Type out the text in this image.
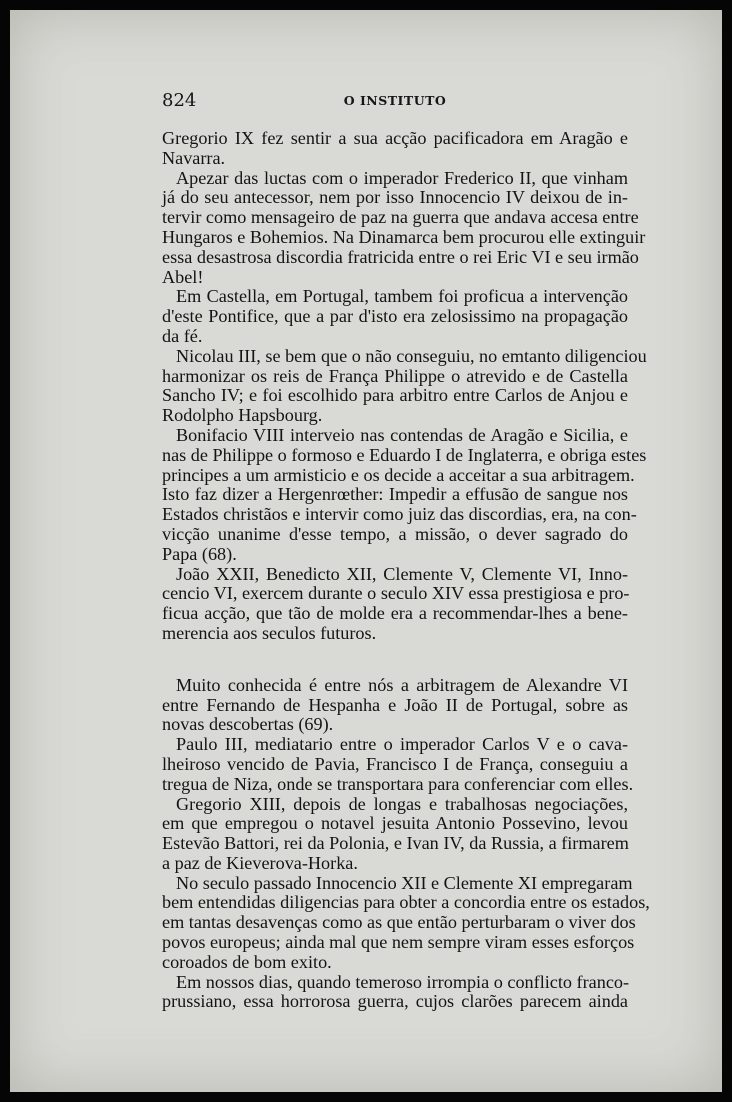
824	O INSTITUTO

Gregorio IX fez sentir a sua acção pacificadora em Aragão e

Navarra.

Apezar das luctas com o imperador Frederico II, que vinham

já do seu antecessor, nem por isso Innocencio IV deixou de in-

tervir como mensageiro de paz na guerra que andava accesa entre

Hungaros e Bohemios. Na Dinamarca bem procurou elle extinguir

essa desastrosa discordia fratricida entre o rei Eric VI e seu irmão

Abel!

Em Castella, em Portugal, tambem foi proficua a intervenção

d'este Pontifice, que a par d'isto era zelosissimo na propagação

da fé.

Nicolau III, se bem que o não conseguiu, no emtanto diligenciou

harmonizar os reis de França Philippe o atrevido e de Castella

Sancho IV; e foi escolhido para arbitro entre Carlos de Anjou e

Rodolpho Hapsbourg.

Bonifacio VIII interveio nas contendas de Aragão e Sicilia, e

nas de Philippe o formoso e Eduardo I de Inglaterra, e obriga estes

principes a um armisticio e os decide a acceitar a sua arbitragem.

Isto faz dizer a Hergenrœther: Impedir a effusão de sangue nos

Estados christãos e intervir como juiz das discordias, era, na con-

vicção unanime d'esse tempo, a missão, o dever sagrado do

Papa (68).

João XXII, Benedicto XII, Clemente V, Clemente VI, Inno-

cencio VI, exercem durante o seculo XIV essa prestigiosa e pro-

ficua acção, que tão de molde era a recommendar-lhes a bene-

merencia aos seculos futuros.

Muito conhecida é entre nós a arbitragem de Alexandre VI

entre Fernando de Hespanha e João II de Portugal, sobre as

novas descobertas (69).

Paulo III, mediatario entre o imperador Carlos V e o cava-

lheiroso vencido de Pavia, Francisco I de França, conseguiu a

tregua de Niza, onde se transportara para conferenciar com elles.

Gregorio XIII, depois de longas e trabalhosas negociações,

em que empregou o notavel jesuita Antonio Possevino, levou

Estevão Battori, rei da Polonia, e Ivan IV, da Russia, a firmarem

a paz de Kieverova-Horka.

No seculo passado Innocencio XII e Clemente XI empregaram

bem entendidas diligencias para obter a concordia entre os estados,

em tantas desavenças como as que então perturbaram o viver dos

povos europeus; ainda mal que nem sempre viram esses esforços

coroados de bom exito.

Em nossos dias, quando temeroso irrompia o conflicto franco-

prussiano, essa horrorosa guerra, cujos clarões parecem ainda
